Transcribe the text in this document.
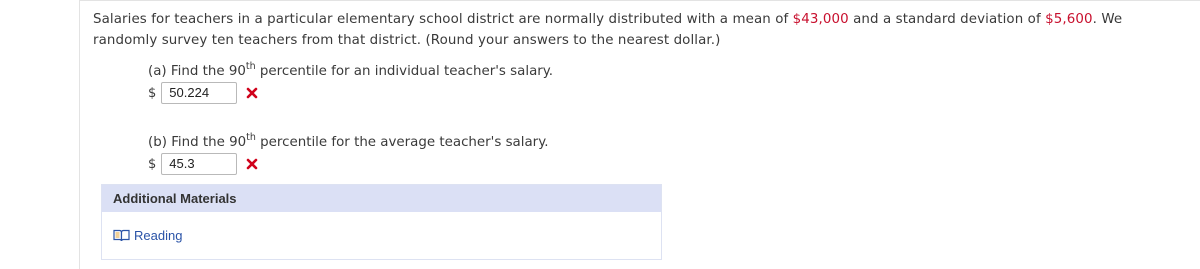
Salaries for teachers in a particular elementary school district are normally distributed with a mean of $43,000 and a standard deviation of $5,600. We randomly survey ten teachers from that district. (Round your answers to the nearest dollar.)
(a) Find the 90th percentile for an individual teacher's salary.
$	50.224
(b) Find the 90th percentile for the average teacher's salary.
$	45.3
Additional Materials
Reading
